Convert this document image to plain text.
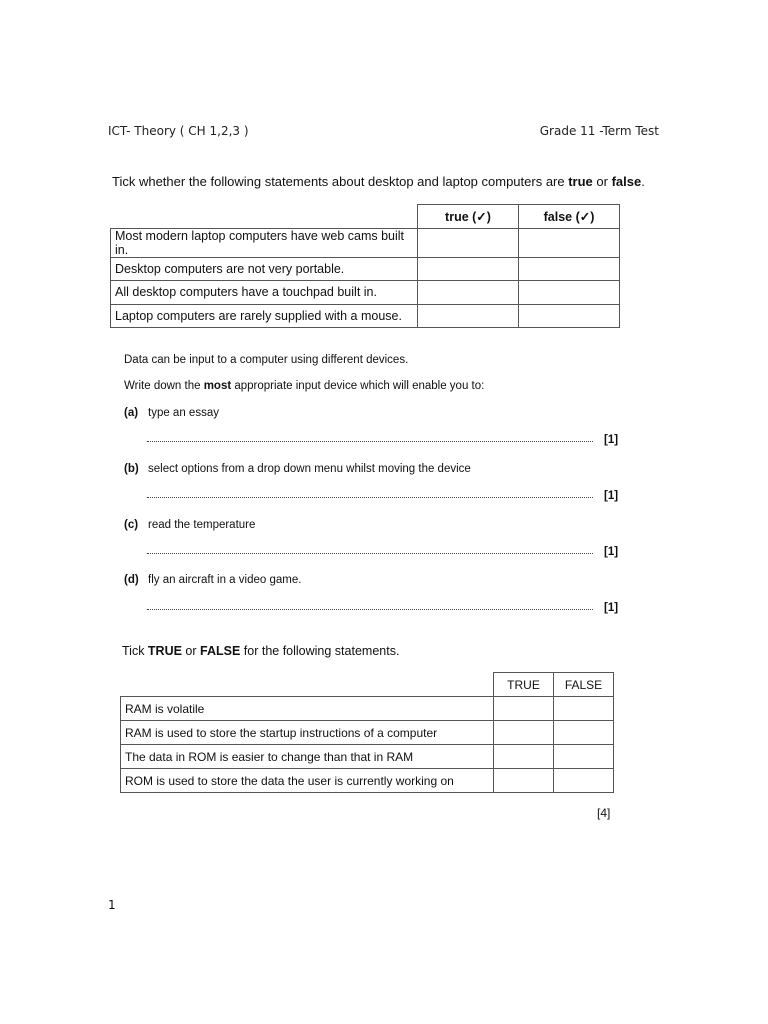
ICT- Theory ( CH 1,2,3 )	Grade 11 -Term Test
Tick whether the following statements about desktop and laptop computers are true or false.
	true (✓)	false (✓)
Most modern laptop computers have web cams built in.		
Desktop computers are not very portable.		
All desktop computers have a touchpad built in.		
Laptop computers are rarely supplied with a mouse.		
Data can be input to a computer using different devices.
Write down the most appropriate input device which will enable you to:
(a) type an essay
[1]
(b) select options from a drop down menu whilst moving the device
[1]
(c) read the temperature
[1]
(d) fly an aircraft in a video game.
[1]
Tick TRUE or FALSE for the following statements.
	TRUE	FALSE
RAM is volatile		
RAM is used to store the startup instructions of a computer		
The data in ROM is easier to change than that in RAM		
ROM is used to store the data the user is currently working on		
[4]
1
